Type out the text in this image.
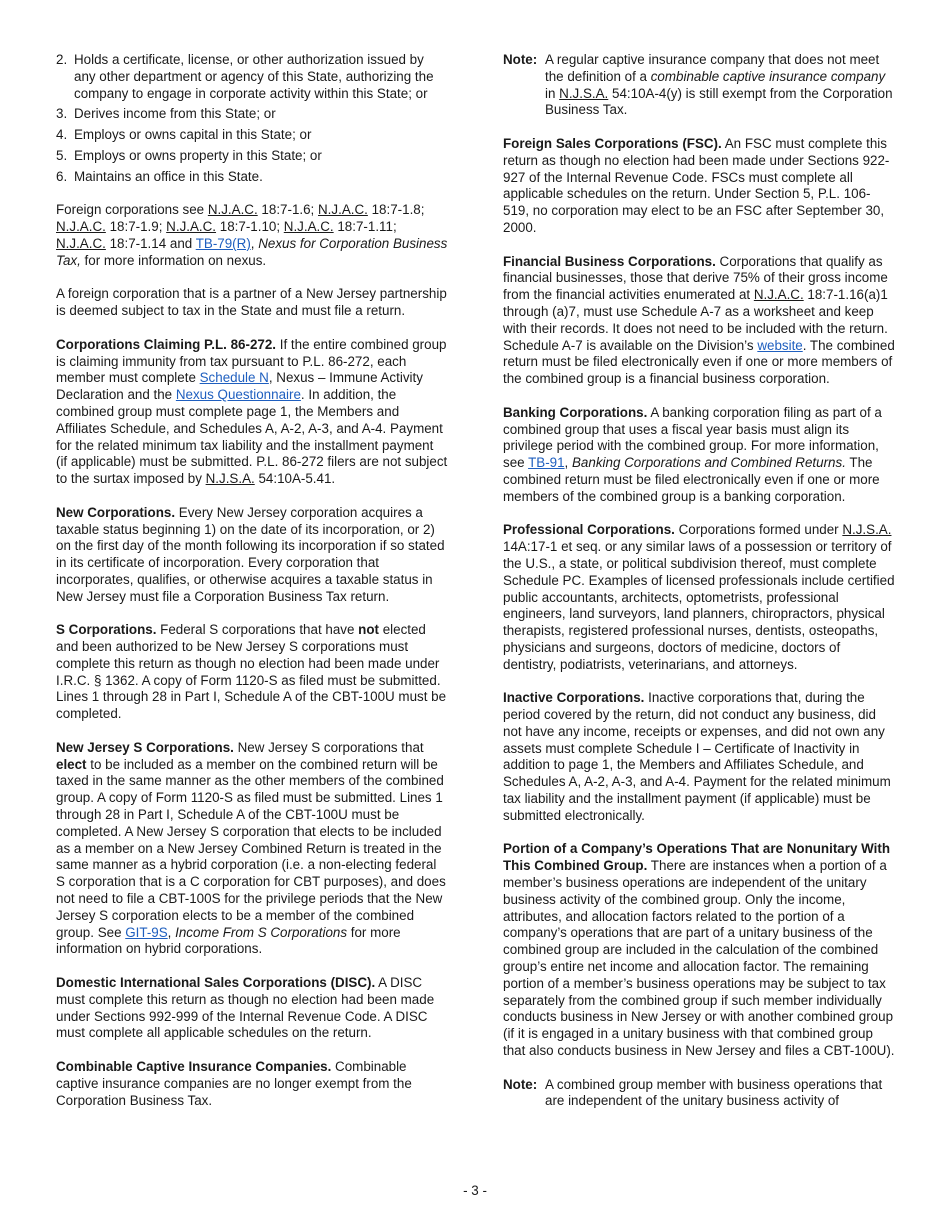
2. Holds a certificate, license, or other authorization issued by any other department or agency of this State, authorizing the company to engage in corporate activity within this State; or
3. Derives income from this State; or
4. Employs or owns capital in this State; or
5. Employs or owns property in this State; or
6. Maintains an office in this State.

Foreign corporations see N.J.A.C. 18:7-1.6; N.J.A.C. 18:7-1.8; N.J.A.C. 18:7-1.9; N.J.A.C. 18:7-1.10; N.J.A.C. 18:7-1.11; N.J.A.C. 18:7-1.14 and TB-79(R), Nexus for Corporation Business Tax, for more information on nexus.

A foreign corporation that is a partner of a New Jersey partnership is deemed subject to tax in the State and must file a return.

Corporations Claiming P.L. 86-272. If the entire combined group is claiming immunity from tax pursuant to P.L. 86-272, each member must complete Schedule N, Nexus – Immune Activity Declaration and the Nexus Questionnaire. In addition, the combined group must complete page 1, the Members and Affiliates Schedule, and Schedules A, A-2, A-3, and A-4. Payment for the related minimum tax liability and the installment payment (if applicable) must be submitted. P.L. 86-272 filers are not subject to the surtax imposed by N.J.S.A. 54:10A-5.41.

New Corporations. Every New Jersey corporation acquires a taxable status beginning 1) on the date of its incorporation, or 2) on the first day of the month following its incorporation if so stated in its certificate of incorporation. Every corporation that incorporates, qualifies, or otherwise acquires a taxable status in New Jersey must file a Corporation Business Tax return.

S Corporations. Federal S corporations that have not elected and been authorized to be New Jersey S corporations must complete this return as though no election had been made under I.R.C. § 1362. A copy of Form 1120-S as filed must be submitted. Lines 1 through 28 in Part I, Schedule A of the CBT-100U must be completed.

New Jersey S Corporations. New Jersey S corporations that elect to be included as a member on the combined return will be taxed in the same manner as the other members of the combined group. A copy of Form 1120-S as filed must be submitted. Lines 1 through 28 in Part I, Schedule A of the CBT-100U must be completed. A New Jersey S corporation that elects to be included as a member on a New Jersey Combined Return is treated in the same manner as a hybrid corporation (i.e. a non-electing federal S corporation that is a C corporation for CBT purposes), and does not need to file a CBT-100S for the privilege periods that the New Jersey S corporation elects to be a member of the combined group. See GIT-9S, Income From S Corporations for more information on hybrid corporations.

Domestic International Sales Corporations (DISC). A DISC must complete this return as though no election had been made under Sections 992-999 of the Internal Revenue Code. A DISC must complete all applicable schedules on the return.

Combinable Captive Insurance Companies. Combinable captive insurance companies are no longer exempt from the Corporation Business Tax.

Note: A regular captive insurance company that does not meet the definition of a combinable captive insurance company in N.J.S.A. 54:10A-4(y) is still exempt from the Corporation Business Tax.

Foreign Sales Corporations (FSC). An FSC must complete this return as though no election had been made under Sections 922-927 of the Internal Revenue Code. FSCs must complete all applicable schedules on the return. Under Section 5, P.L. 106-519, no corporation may elect to be an FSC after September 30, 2000.

Financial Business Corporations. Corporations that qualify as financial businesses, those that derive 75% of their gross income from the financial activities enumerated at N.J.A.C. 18:7-1.16(a)1 through (a)7, must use Schedule A-7 as a worksheet and keep with their records. It does not need to be included with the return. Schedule A-7 is available on the Division’s website. The combined return must be filed electronically even if one or more members of the combined group is a financial business corporation.

Banking Corporations. A banking corporation filing as part of a combined group that uses a fiscal year basis must align its privilege period with the combined group. For more information, see TB-91, Banking Corporations and Combined Returns. The combined return must be filed electronically even if one or more members of the combined group is a banking corporation.

Professional Corporations. Corporations formed under N.J.S.A. 14A:17-1 et seq. or any similar laws of a possession or territory of the U.S., a state, or political subdivision thereof, must complete Schedule PC. Examples of licensed professionals include certified public accountants, architects, optometrists, professional engineers, land surveyors, land planners, chiropractors, physical therapists, registered professional nurses, dentists, osteopaths, physicians and surgeons, doctors of medicine, doctors of dentistry, podiatrists, veterinarians, and attorneys.

Inactive Corporations. Inactive corporations that, during the period covered by the return, did not conduct any business, did not have any income, receipts or expenses, and did not own any assets must complete Schedule I – Certificate of Inactivity in addition to page 1, the Members and Affiliates Schedule, and Schedules A, A-2, A-3, and A-4. Payment for the related minimum tax liability and the installment payment (if applicable) must be submitted electronically.

Portion of a Company’s Operations That are Nonunitary With This Combined Group. There are instances when a portion of a member’s business operations are independent of the unitary business activity of the combined group. Only the income, attributes, and allocation factors related to the portion of a company’s operations that are part of a unitary business of the combined group are included in the calculation of the combined group’s entire net income and allocation factor. The remaining portion of a member’s business operations may be subject to tax separately from the combined group if such member individually conducts business in New Jersey or with another combined group (if it is engaged in a unitary business with that combined group that also conducts business in New Jersey and files a CBT-100U).

Note: A combined group member with business operations that are independent of the unitary business activity of
- 3 -
